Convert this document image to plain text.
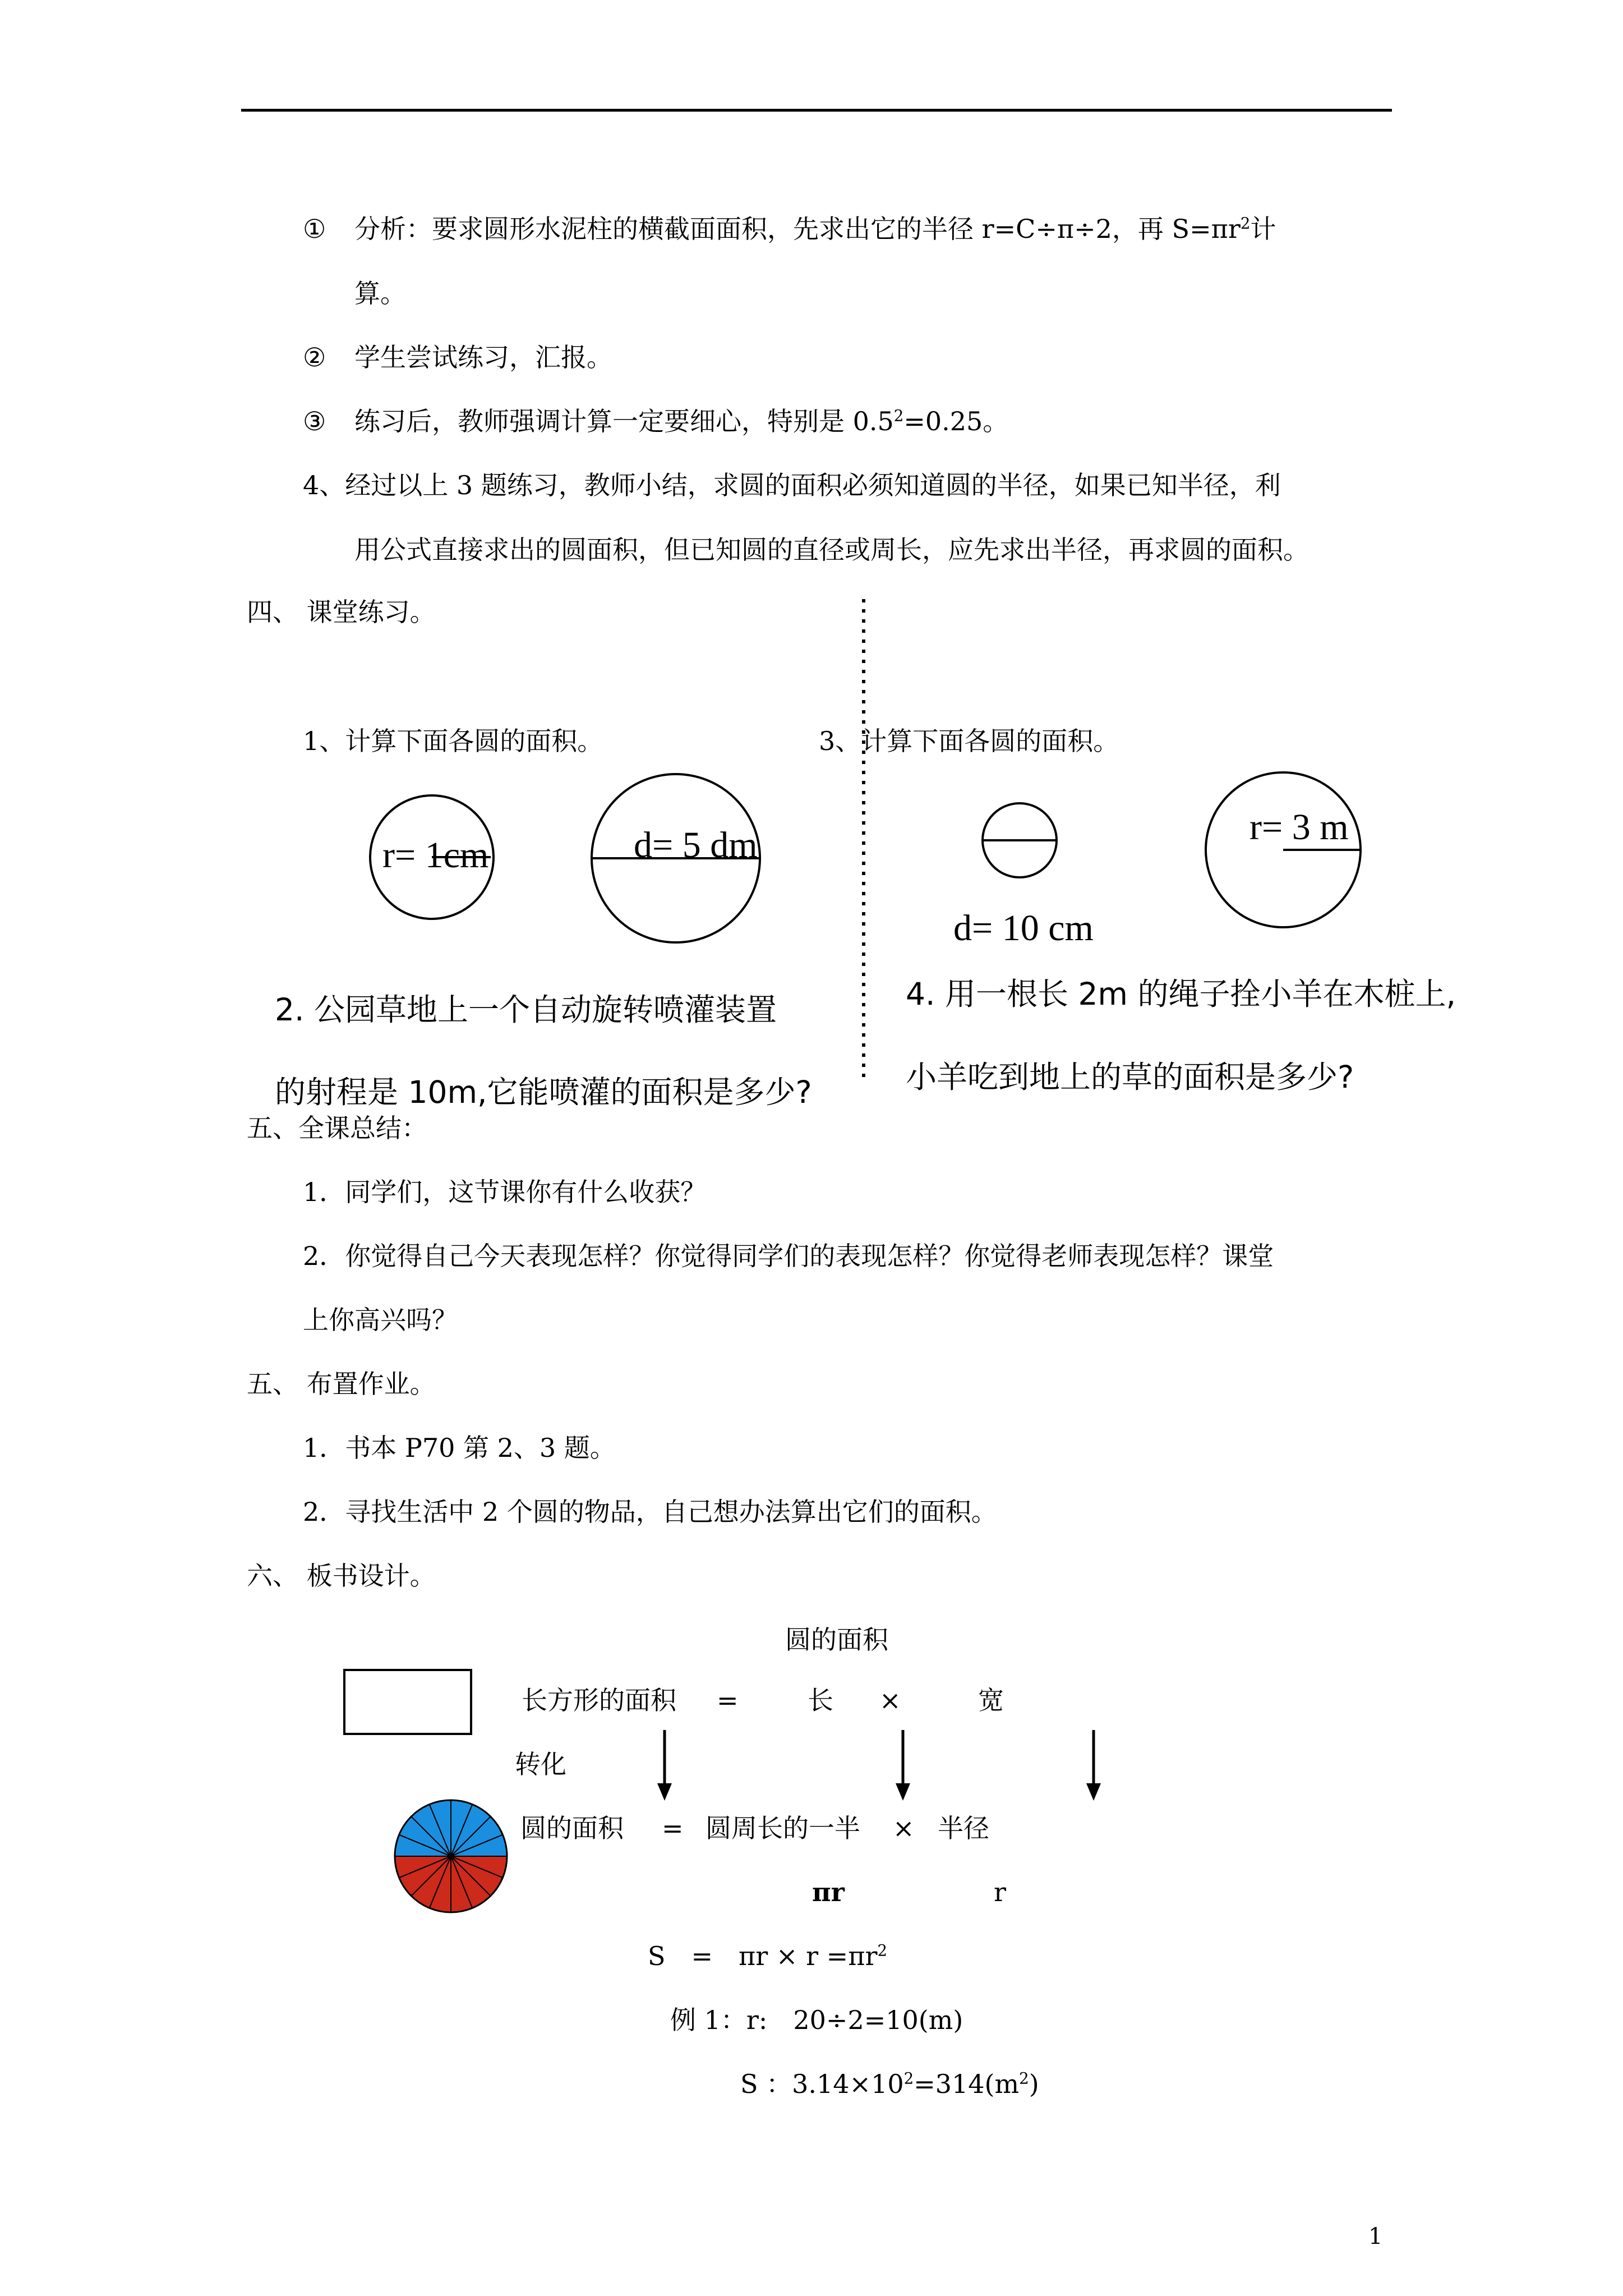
① 分析：要求圆形水泥柱的横截面面积，先求出它的半径 r=C÷π÷2，再 $S=\pi r^2$计
算。
② 学生尝试练习，汇报。
③ 练习后，教师强调计算一定要细心，特别是 $0.5^2=0.25$。
4、经过以上 3 题练习，教师小结，求圆的面积必须知道圆的半径，如果已知半径，利
用公式直接求出的圆面积，但已知圆的直径或周长，应先求出半径，再求圆的面积。
四、 课堂练习。
1、计算下面各圆的面积。	3、计算下面各圆的面积。
r= 1cm	d= 5 dm
d= 10 cm
r= 3 m
2. 公园草地上一个自动旋转喷灌装置
的射程是 10m,它能喷灌的面积是多少?
4. 用一根长 2m 的绳子拴小羊在木桩上,
小羊吃到地上的草的面积是多少?
五、全课总结：
1．同学们，这节课你有什么收获？
2．你觉得自己今天表现怎样？你觉得同学们的表现怎样？你觉得老师表现怎样？课堂
上你高兴吗？
五、 布置作业。
1．书本 P70 第 2、3 题。
2．寻找生活中 2 个圆的物品，自己想办法算出它们的面积。
六、 板书设计。
圆的面积
长方形的面积 =	长 ×	宽
转化
圆的面积 = 圆周长的一半 × 半径
πr	r
S　=　$\pi r \times r =\pi r^2$
例 1：r:　20÷2=10(m)
S ：$3.14\times 10^2=314(m^2)$
1
